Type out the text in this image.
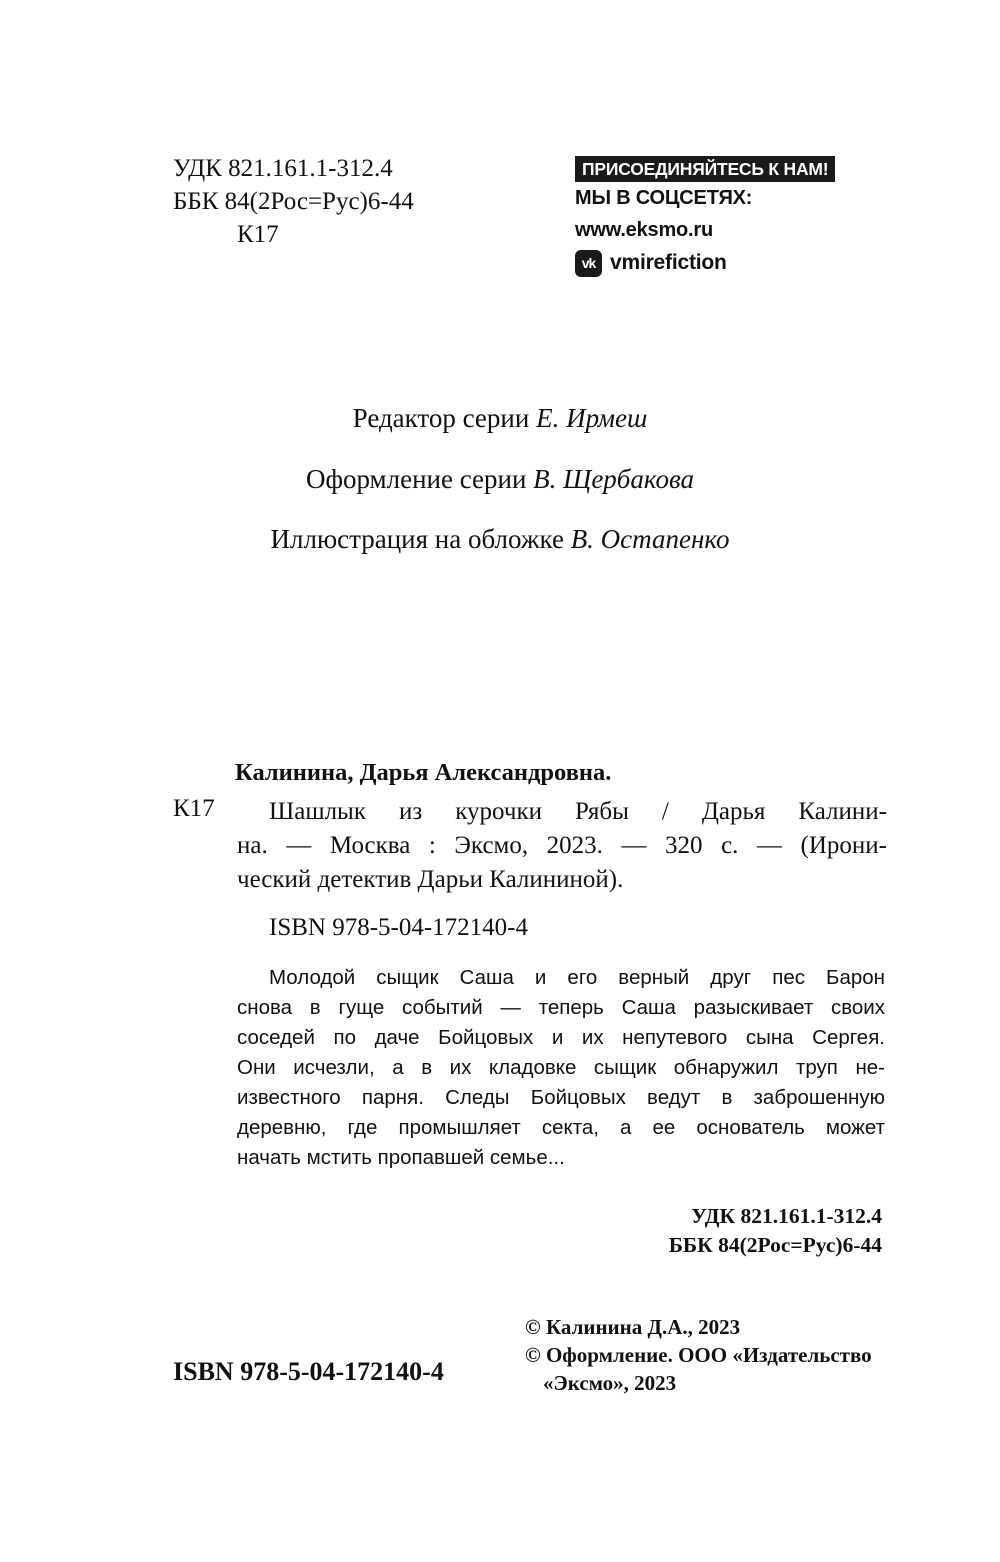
УДК 821.161.1-312.4
ББК 84(2Рос=Рус)6-44
К17
ПРИСОЕДИНЯЙТЕСЬ К НАМ!
МЫ В СОЦСЕТЯХ:
www.eksmo.ru
vk vmirefiction
Редактор серии Е. Ирмеш
Оформление серии В. Щербакова
Иллюстрация на обложке В. Остапенко
Калинина, Дарья Александровна.
К17	Шашлык из курочки Рябы / Дарья Калини-
на. — Москва : Эксмо, 2023. — 320 с. — (Ирони-
ческий детектив Дарьи Калининой).
ISBN 978-5-04-172140-4
Молодой сыщик Саша и его верный друг пес Барон
снова в гуще событий — теперь Саша разыскивает своих
соседей по даче Бойцовых и их непутевого сына Сергея.
Они исчезли, а в их кладовке сыщик обнаружил труп не-
известного парня. Следы Бойцовых ведут в заброшенную
деревню, где промышляет секта, а ее основатель может
начать мстить пропавшей семье...
УДК 821.161.1-312.4
ББК 84(2Рос=Рус)6-44
ISBN 978-5-04-172140-4
© Калинина Д.А., 2023
© Оформление. ООО «Издательство
«Эксмо», 2023
